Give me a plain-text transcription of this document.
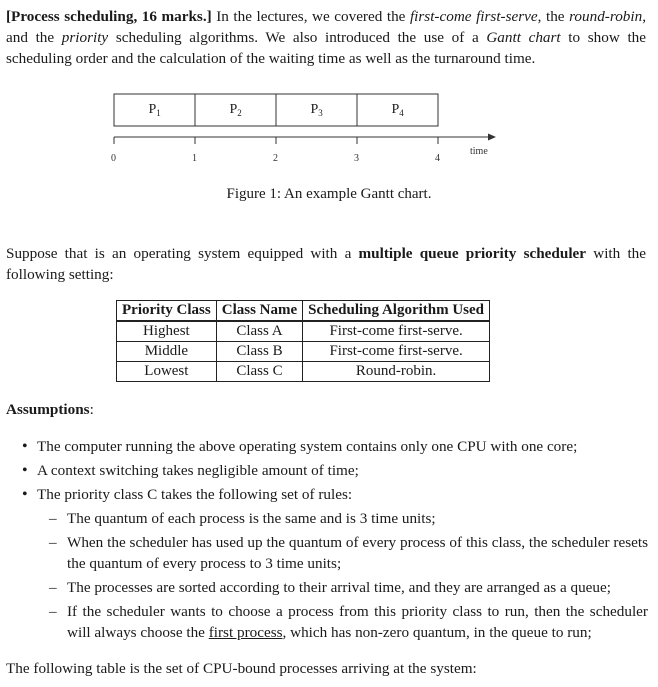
[Process scheduling, 16 marks.] In the lectures, we covered the first-come first-serve, the round-robin, and the priority scheduling algorithms. We also introduced the use of a Gantt chart to show the scheduling order and the calculation of the waiting time as well as the turnaround time.

$P_1$	$P_2$	$P_3$	$P_4$
0	1	2	3	4
time
Figure 1: An example Gantt chart.

Suppose that is an operating system equipped with a multiple queue priority scheduler with the following setting:

Priority Class	Class Name	Scheduling Algorithm Used
Highest	Class A	First-come first-serve.
Middle	Class B	First-come first-serve.
Lowest	Class C	Round-robin.

Assumptions:

• The computer running the above operating system contains only one CPU with one core;
• A context switching takes negligible amount of time;
• The priority class C takes the following set of rules:
– The quantum of each process is the same and is 3 time units;
– When the scheduler has used up the quantum of every process of this class, the scheduler resets the quantum of every process to 3 time units;
– The processes are sorted according to their arrival time, and they are arranged as a queue;
– If the scheduler wants to choose a process from this priority class to run, then the scheduler will always choose the first process, which has non-zero quantum, in the queue to run;

The following table is the set of CPU-bound processes arriving at the system:
